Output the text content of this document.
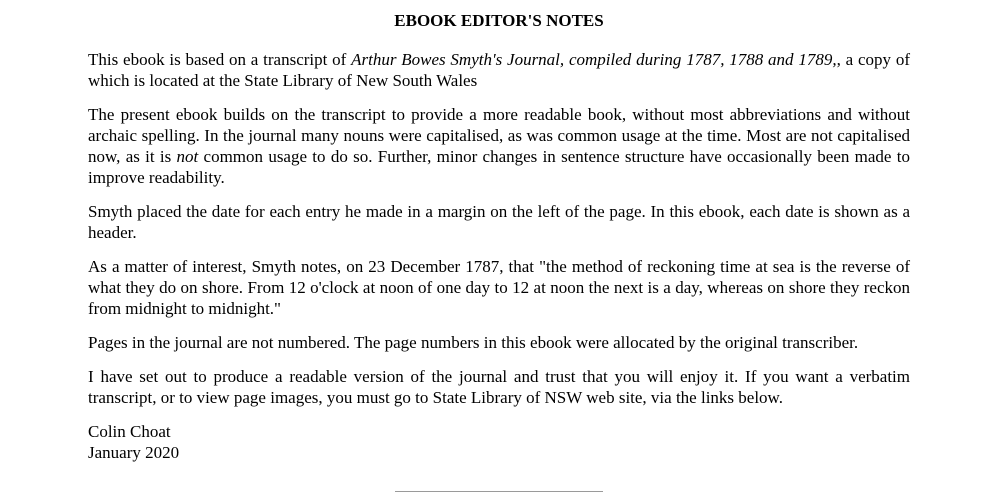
EBOOK EDITOR'S NOTES

This ebook is based on a transcript of Arthur Bowes Smyth's Journal, compiled during 1787, 1788 and 1789,, a copy of which is located at the State Library of New South Wales

The present ebook builds on the transcript to provide a more readable book, without most abbreviations and without archaic spelling. In the journal many nouns were capitalised, as was common usage at the time. Most are not capitalised now, as it is not common usage to do so. Further, minor changes in sentence structure have occasionally been made to improve readability.

Smyth placed the date for each entry he made in a margin on the left of the page. In this ebook, each date is shown as a header.

As a matter of interest, Smyth notes, on 23 December 1787, that "the method of reckoning time at sea is the reverse of what they do on shore. From 12 o'clock at noon of one day to 12 at noon the next is a day, whereas on shore they reckon from midnight to midnight."

Pages in the journal are not numbered. The page numbers in this ebook were allocated by the original transcriber.

I have set out to produce a readable version of the journal and trust that you will enjoy it. If you want a verbatim transcript, or to view page images, you must go to State Library of NSW web site, via the links below.

Colin Choat

January 2020
